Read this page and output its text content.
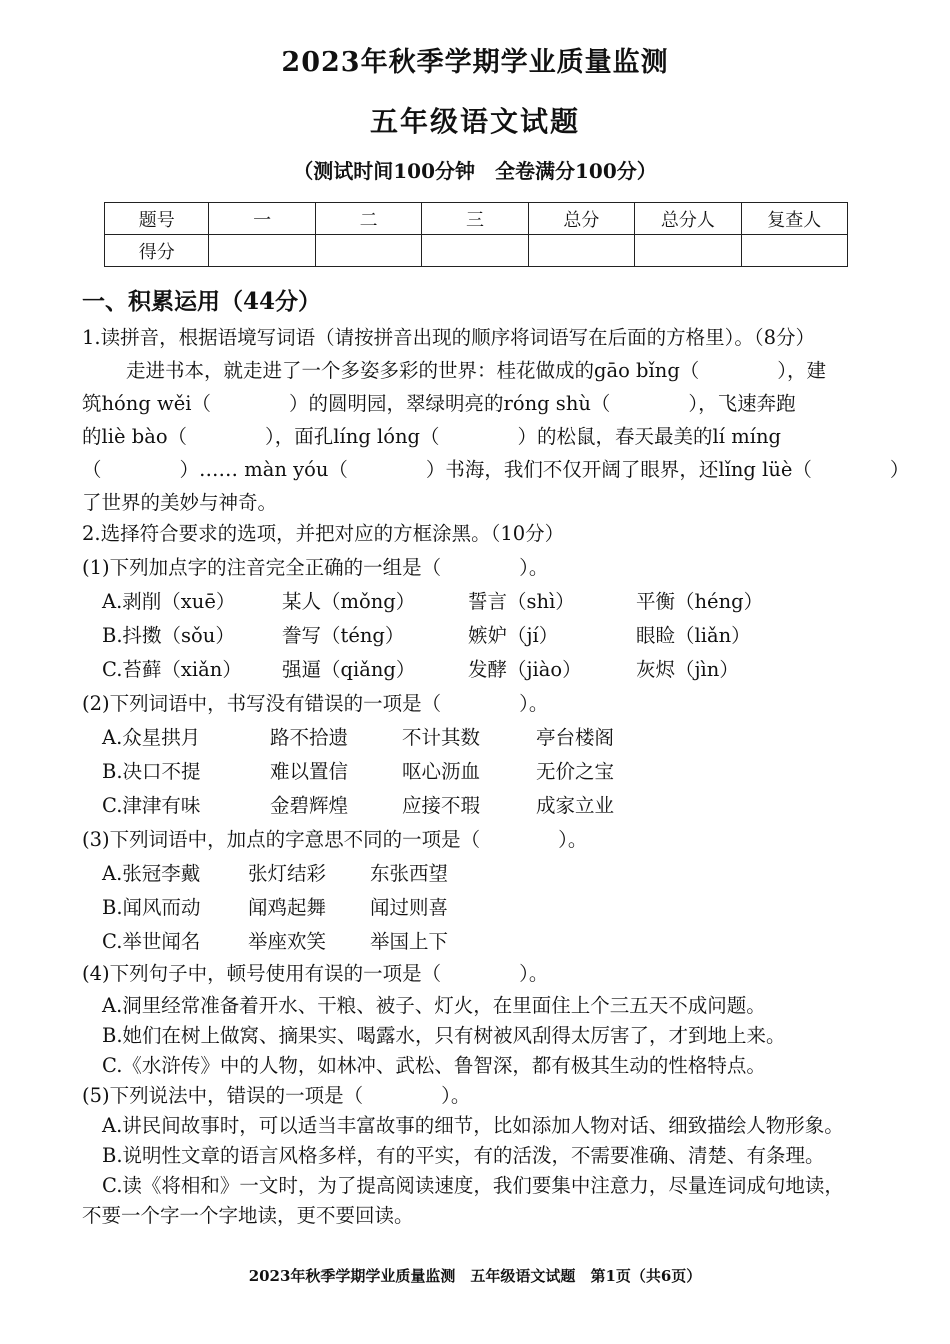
2023年秋季学期学业质量监测
五年级语文试题
（测试时间100分钟　全卷满分100分）
题号	一	二	三	总分	总分人	复查人
得分						
一、积累运用（44分）
1.读拼音，根据语境写词语（请按拼音出现的顺序将词语写在后面的方格里）。（8分）
走进书本，就走进了一个多姿多彩的世界：桂花做成的gāo bǐng（　　　　），建
筑hóng wěi（　　　　）的圆明园，翠绿明亮的róng shù（　　　　），飞速奔跑
的liè bào（　　　　），面孔líng lóng（　　　　）的松鼠，春天最美的lí míng
（　　　　）…… màn yóu（　　　　）书海，我们不仅开阔了眼界，还lǐng lüè（　　　　）
了世界的美妙与神奇。
2.选择符合要求的选项，并把对应的方框涂黑。（10分）
(1)下列加点字的注音完全正确的一组是（　　　　）。
A.剥削（xuē） 某人（mǒng）	誓言（shì）	平衡（héng）
B.抖擞（sǒu） 誊写（téng）	嫉妒（jí）	眼睑（liǎn）
C.苔藓（xiǎn） 强逼（qiǎng）	发酵（jiào）	灰烬（jìn）
(2)下列词语中，书写没有错误的一项是（　　　　）。
A.众星拱月	路不拾遗	不计其数	亭台楼阁
B.决口不提	难以置信	呕心沥血	无价之宝
C.津津有味	金碧辉煌	应接不瑕	成家立业
(3)下列词语中，加点的字意思不同的一项是（　　　　）。
A.张冠李戴 张灯结彩 东张西望
B.闻风而动 闻鸡起舞 闻过则喜
C.举世闻名 举座欢笑 举国上下
(4)下列句子中，顿号使用有误的一项是（　　　　）。
A.洞里经常准备着开水、干粮、被子、灯火，在里面住上个三五天不成问题。
B.她们在树上做窝、摘果实、喝露水，只有树被风刮得太厉害了，才到地上来。
C.《水浒传》中的人物，如林冲、武松、鲁智深，都有极其生动的性格特点。
(5)下列说法中，错误的一项是（　　　　）。
A.讲民间故事时，可以适当丰富故事的细节，比如添加人物对话、细致描绘人物形象。
B.说明性文章的语言风格多样，有的平实，有的活泼，不需要准确、清楚、有条理。
C.读《将相和》一文时，为了提高阅读速度，我们要集中注意力，尽量连词成句地读，
不要一个字一个字地读，更不要回读。
2023年秋季学期学业质量监测　五年级语文试题　第1页（共6页）
